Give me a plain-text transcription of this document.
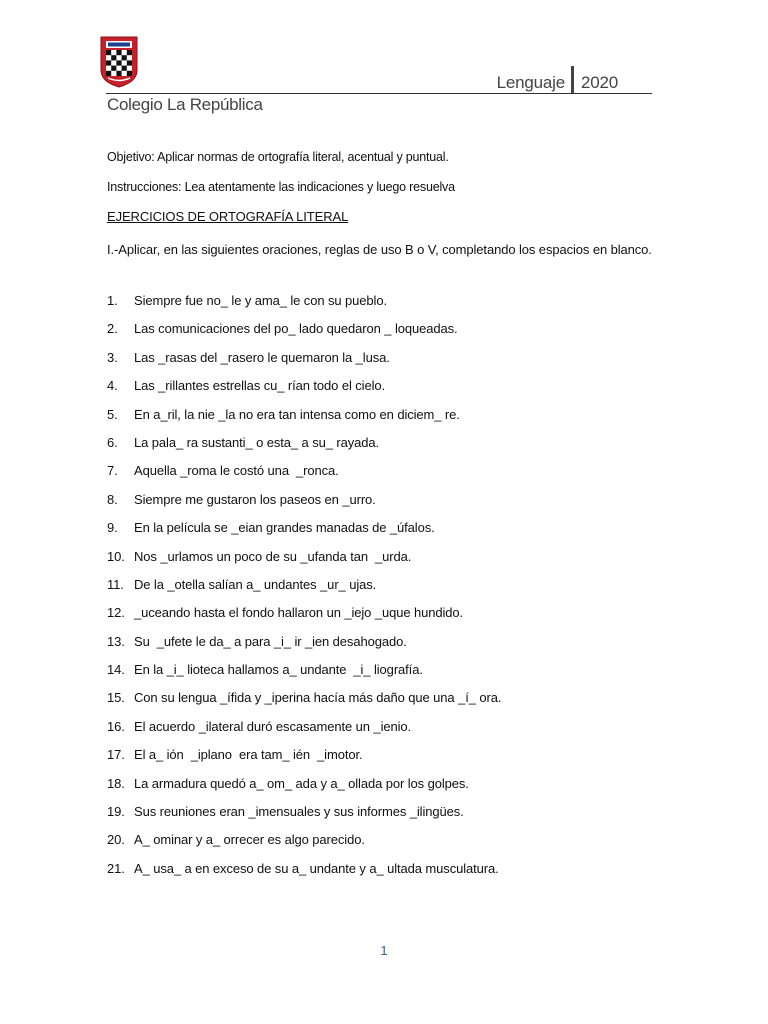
Lenguaje 2020
Colegio La República
Objetivo: Aplicar normas de ortografía literal, acentual y puntual.
Instrucciones: Lea atentamente las indicaciones y luego resuelva
EJERCICIOS DE ORTOGRAFÍA LITERAL
I.-Aplicar, en las siguientes oraciones, reglas de uso B o V, completando los espacios en blanco.
1.	Siempre fue no_ le y ama_ le con su pueblo.
2.	Las comunicaciones del po_ lado quedaron _ loqueadas.
3.	Las _rasas del _rasero le quemaron la _lusa.
4.	Las _rillantes estrellas cu_ rían todo el cielo.
5.	En a_ril, la nie _la no era tan intensa como en diciem_ re.
6.	La pala_ ra sustanti_ o esta_ a su_ rayada.
7.	Aquella _roma le costó una  _ronca.
8.	Siempre me gustaron los paseos en _urro.
9.	En la película se _eian grandes manadas de _úfalos.
10. Nos _urlamos un poco de su _ufanda tan  _urda.
11. De la _otella salían a_ undantes _ur_ ujas.
12. _uceando hasta el fondo hallaron un _iejo _uque hundido.
13. Su  _ufete le da_ a para _i_ ir _ien desahogado.
14. En la _i_ lioteca hallamos a_ undante  _i_ liografía.
15. Con su lengua _ífida y _iperina hacía más daño que una _í_ ora.
16. El acuerdo _ilateral duró escasamente un _ienio.
17. El a_ ión  _iplano  era tam_ ién  _imotor.
18. La armadura quedó a_ om_ ada y a_ ollada por los golpes.
19. Sus reuniones eran _imensuales y sus informes _ilingües.
20. A_ ominar y a_ orrecer es algo parecido.
21. A_ usa_ a en exceso de su a_ undante y a_ ultada musculatura.
1
